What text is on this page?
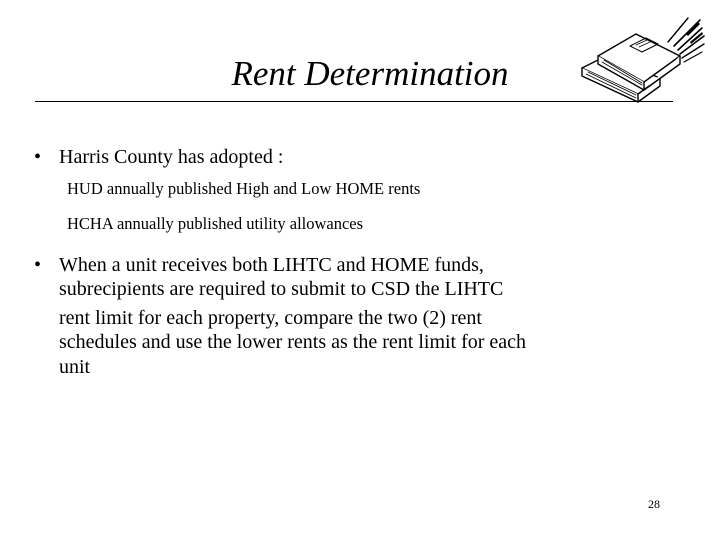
Rent Determination
• Harris County has adopted :
HUD annually published High and Low HOME rents
HCHA annually published utility allowances
• When a unit receives both LIHTC and HOME funds,
subrecipients are required to submit to CSD the LIHTC
rent limit for each property, compare the two (2) rent
schedules and use the lower rents as the rent limit for each
unit
28
